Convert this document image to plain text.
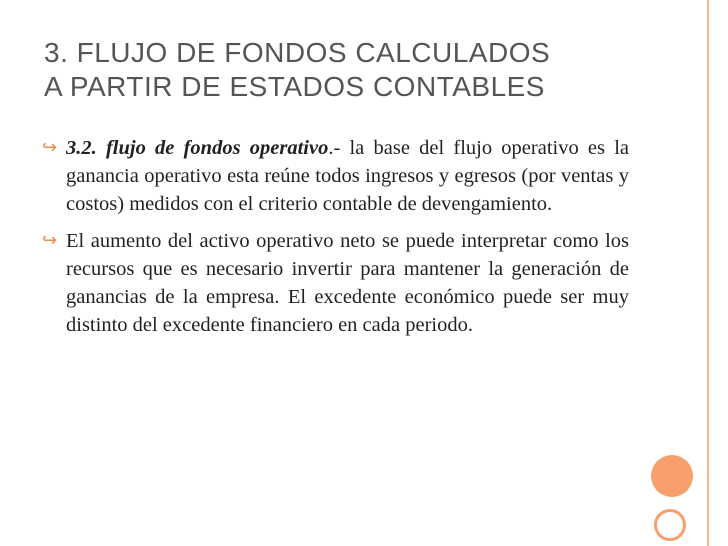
3. FLUJO DE FONDOS CALCULADOS
A PARTIR DE ESTADOS CONTABLES

↪ 3.2. flujo de fondos operativo.- la base del flujo operativo es la ganancia operativo esta reúne todos ingresos y egresos (por ventas y costos) medidos con el criterio contable de devengamiento.

↪ El aumento del activo operativo neto se puede interpretar como los recursos que es necesario invertir para mantener la generación de ganancias de la empresa. El excedente económico puede ser muy distinto del excedente financiero en cada periodo.
